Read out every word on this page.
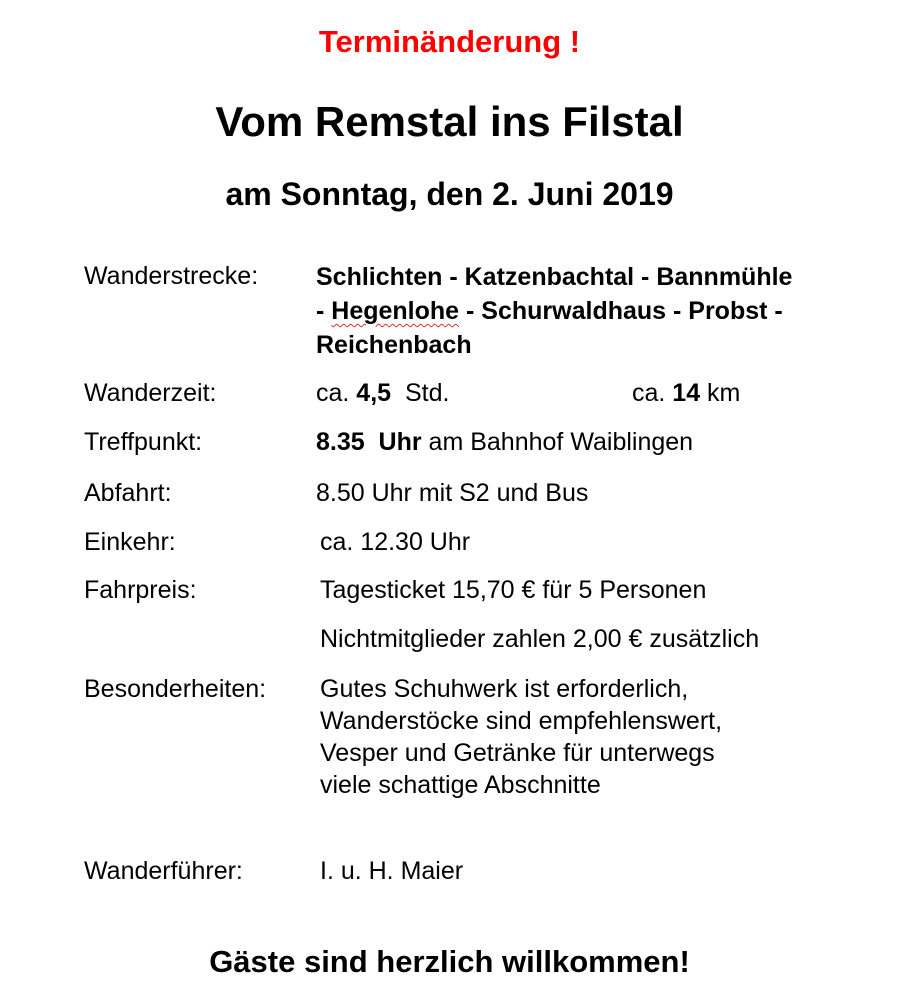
Terminänderung !
Vom Remstal ins Filstal
am Sonntag, den 2. Juni 2019
Wanderstrecke: Schlichten - Katzenbachtal - Bannmühle
- Hegenlohe - Schurwaldhaus - Probst -
Reichenbach
Wanderzeit:	ca. 4,5  Std.	ca. 14 km
Treffpunkt:	8.35  Uhr am Bahnhof Waiblingen
Abfahrt:	8.50 Uhr mit S2 und Bus
Einkehr:	ca. 12.30 Uhr
Fahrpreis:	Tagesticket 15,70 € für 5 Personen
Nichtmitglieder zahlen 2,00 € zusätzlich
Besonderheiten: Gutes Schuhwerk ist erforderlich,
Wanderstöcke sind empfehlenswert,
Vesper und Getränke für unterwegs
viele schattige Abschnitte
Wanderführer:	I. u. H. Maier
Gäste sind herzlich willkommen!
